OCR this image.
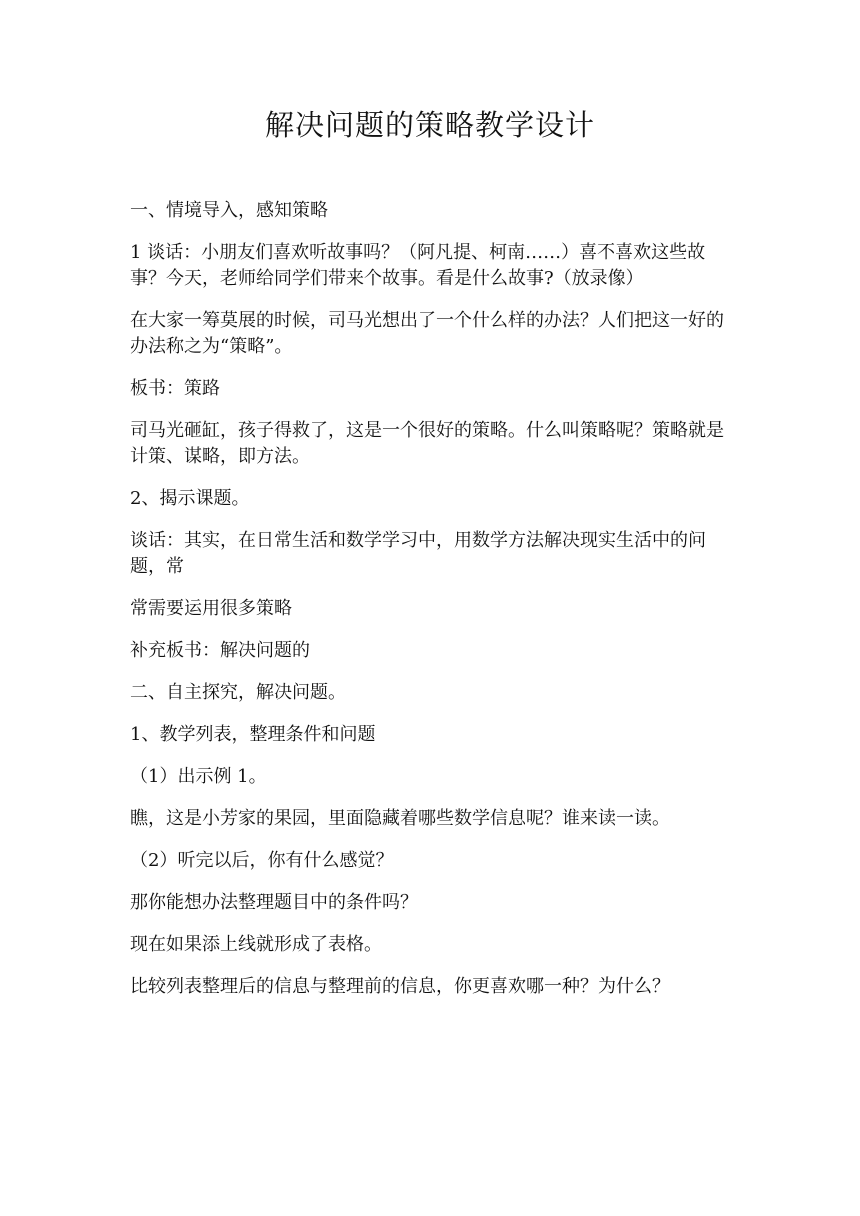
解决问题的策略教学设计

一、情境导入，感知策略

1 谈话：小朋友们喜欢听故事吗？（阿凡提、柯南……）喜不喜欢这些故事？今天，老师给同学们带来个故事。看是什么故事?（放录像）

在大家一筹莫展的时候，司马光想出了一个什么样的办法？人们把这一好的办法称之为“策略”。

板书：策路

司马光砸缸，孩子得救了，这是一个很好的策略。什么叫策略呢？策略就是计策、谋略，即方法。

2、揭示课题。

谈话：其实，在日常生活和数学学习中，用数学方法解决现实生活中的问题，常

常需要运用很多策略

补充板书：解决问题的

二、自主探究，解决问题。

1、教学列表，整理条件和问题

（1）出示例 1。

瞧，这是小芳家的果园，里面隐藏着哪些数学信息呢？谁来读一读。

（2）听完以后，你有什么感觉？

那你能想办法整理题目中的条件吗？

现在如果添上线就形成了表格。

比较列表整理后的信息与整理前的信息，你更喜欢哪一种？为什么？
